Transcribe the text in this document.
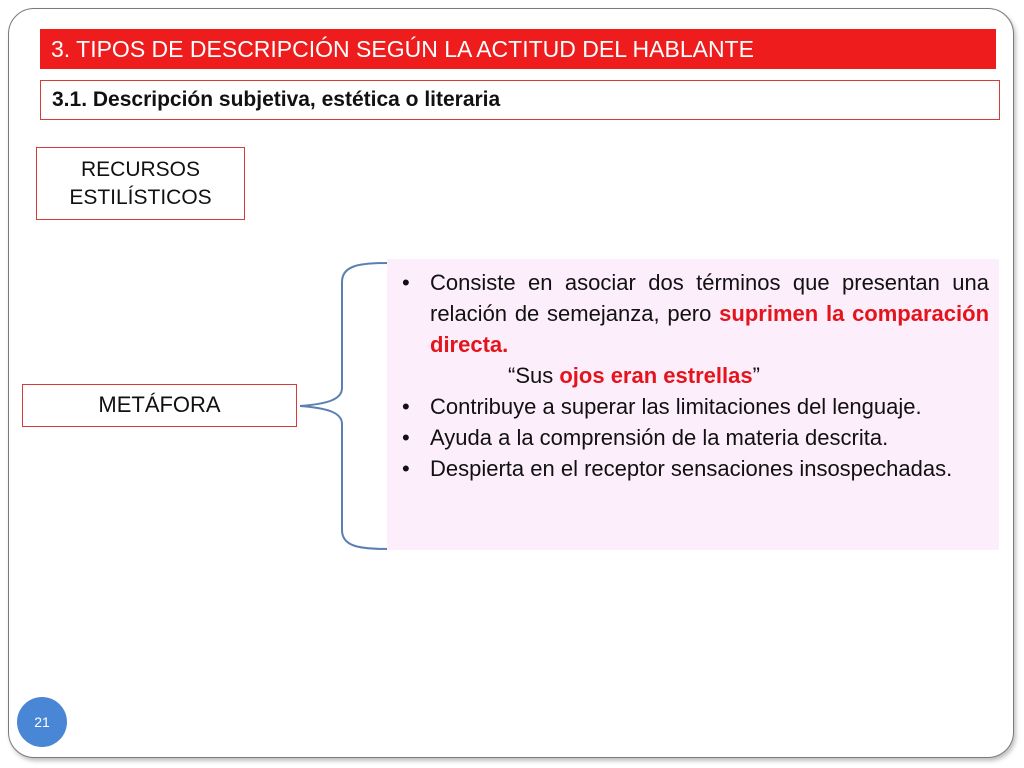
3. TIPOS DE DESCRIPCIÓN SEGÚN LA ACTITUD DEL HABLANTE
3.1. Descripción subjetiva, estética o literaria
RECURSOS
ESTILÍSTICOS
METÁFORA
• Consiste en asociar dos términos que presentan una relación de semejanza, pero suprimen la comparación directa.
“Sus ojos eran estrellas”
• Contribuye a superar las limitaciones del lenguaje.
• Ayuda a la comprensión de la materia descrita.
• Despierta en el receptor sensaciones insospechadas.
21
